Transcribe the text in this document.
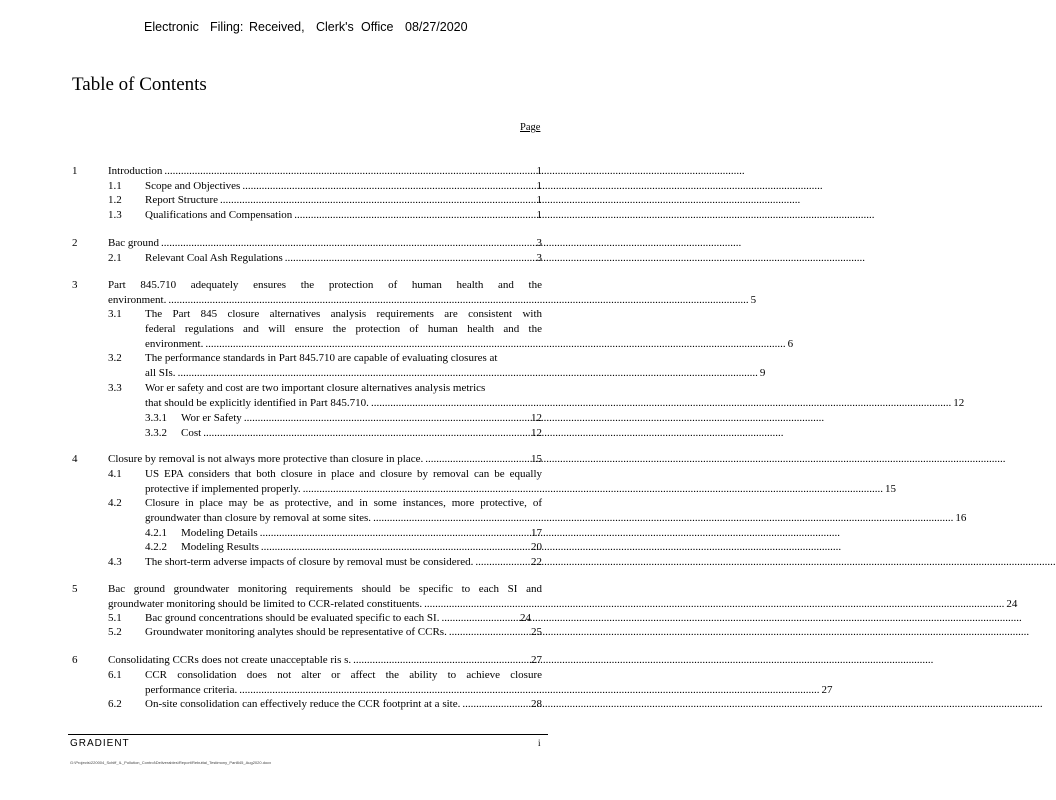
Electronic Filing: Received, Clerk's Office 08/27/2020
Table of Contents
Page
1	Introduction .....	1
1.1 Scope and Objectives .....	1
1.2 Report Structure .....	1
1.3 Qualifications and Compensation .....	1
2	Bac ground .....	3
2.1 Relevant Coal Ash Regulations .....	3
3	Part 845.710 adequately ensures the protection of human health and the
environment. .....	5
3.1 The Part 845 closure alternatives analysis requirements are consistent with
federal regulations and will ensure the protection of human health and the
environment. .....	6
3.2 The performance standards in Part 845.710 are capable of evaluating closures at
all SIs. .....	9
3.3 Wor er safety and cost are two important closure alternatives analysis metrics
that should be explicitly identified in Part 845.710. .....	12
3.3.1 Wor er Safety .....	12
3.3.2 Cost .....	12
4	Closure by removal is not always more protective than closure in place. .....	15
4.1 US EPA considers that both closure in place and closure by removal can be equally
protective if implemented properly. .....	15
4.2 Closure in place may be as protective, and in some instances, more protective, of
groundwater than closure by removal at some sites. .....	16
4.2.1 Modeling Details .....	17
4.2.2 Modeling Results .....	20
4.3 The short-term adverse impacts of closure by removal must be considered. .....	22
5	Bac ground groundwater monitoring requirements should be specific to each SI and
groundwater monitoring should be limited to CCR-related constituents. .....	24
5.1 Bac ground concentrations should be evaluated specific to each SI. .....	24
5.2 Groundwater monitoring analytes should be representative of CCRs. .....	25
6	Consolidating CCRs does not create unacceptable ris s. .....	27
6.1 CCR consolidation does not alter or affect the ability to achieve closure
performance criteria. .....	27
6.2 On-site consolidation can effectively reduce the CCR footprint at a site. .....	28
GRADIENT	i
G:\Projects\220004_Schiff_IL_Pollution_Control\Deliverables\Report\Rebuttal_Testimony_Part845_Aug2020.docx
